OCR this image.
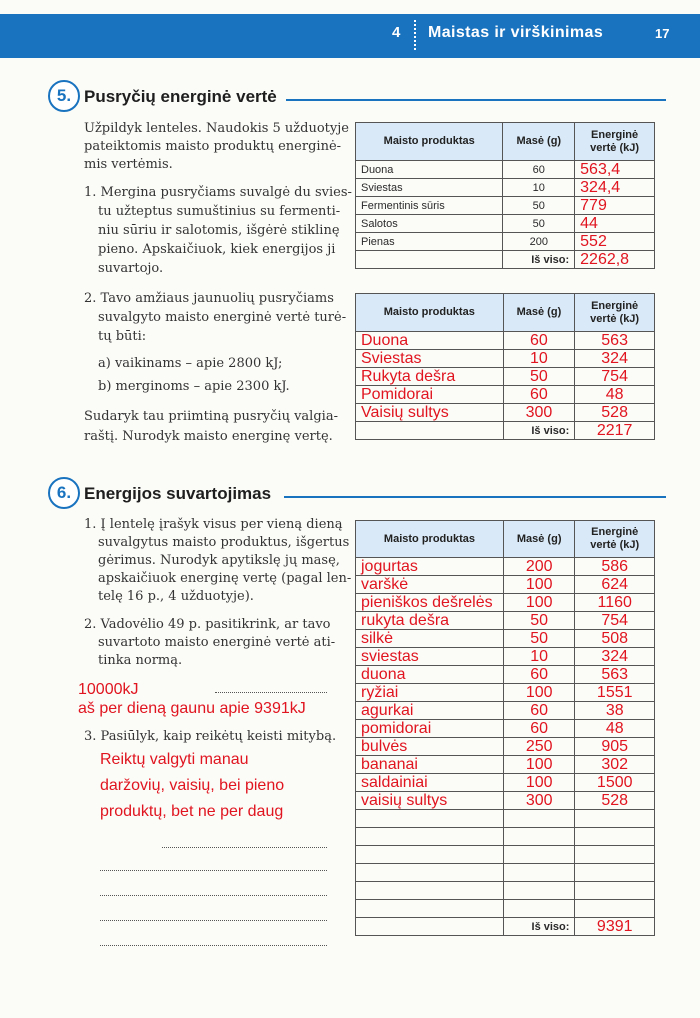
4 Maistas ir virškinimas	17
5. Pusryčių energinė vertė
Užpildyk lenteles. Naudokis 5 užduotyje
pateiktomis maisto produktų energinė-
mis vertėmis.
1. Mergina pusryčiams suvalgė du svies-
tu užteptus sumuštinius su fermenti-
niu sūriu ir salotomis, išgėrė stiklinę
pieno. Apskaičiuok, kiek energijos ji
suvartojo.
2. Tavo amžiaus jaunuolių pusryčiams
suvalgyto maisto energinė vertė turė-
tų būti:
a) vaikinams – apie 2800 kJ;
b) merginoms – apie 2300 kJ.
Sudaryk tau priimtiną pusryčių valgia-
raštį. Nurodyk maisto energinę vertę.
Maisto produktas	Masė (g)	Energinė
vertė (kJ)
Duona	60	563,4
Sviestas	10	324,4
Fermentinis sūris	50	779
Salotos	50	44
Pienas	200	552
	Iš viso:	2262,8
Maisto produktas	Masė (g)	Energinė
vertė (kJ)
Duona	60	563
Sviestas	10	324
Rukyta dešra	50	754
Pomidorai	60	48
Vaisių sultys	300	528
	Iš viso:	2217
6. Energijos suvartojimas
1. Į lentelę įrašyk visus per vieną dieną
suvalgytus maisto produktus, išgertus
gėrimus. Nurodyk apytikslę jų masę,
apskaičiuok energinę vertę (pagal len-
telę 16 p., 4 užduotyje).
2. Vadovėlio 49 p. pasitikrink, ar tavo
suvartoto maisto energinė vertė ati-
tinka normą.
10000kJ
aš per dieną gaunu apie 9391kJ
3. Pasiūlyk, kaip reikėtų keisti mitybą.
Reiktų valgyti manau
daržovių, vaisių, bei pieno
produktų, bet ne per daug
Maisto produktas	Masė (g)	Energinė
vertė (kJ)
jogurtas	200	586
varškė	100	624
pieniškos dešrelės	100	1160
rukyta dešra	50	754
silkė	50	508
sviestas	10	324
duona	60	563
ryžiai	100	1551
agurkai	60	38
pomidorai	60	48
bulvės	250	905
bananai	100	302
saldainiai	100	1500
vaisių sultys	300	528

	Iš viso:	9391
